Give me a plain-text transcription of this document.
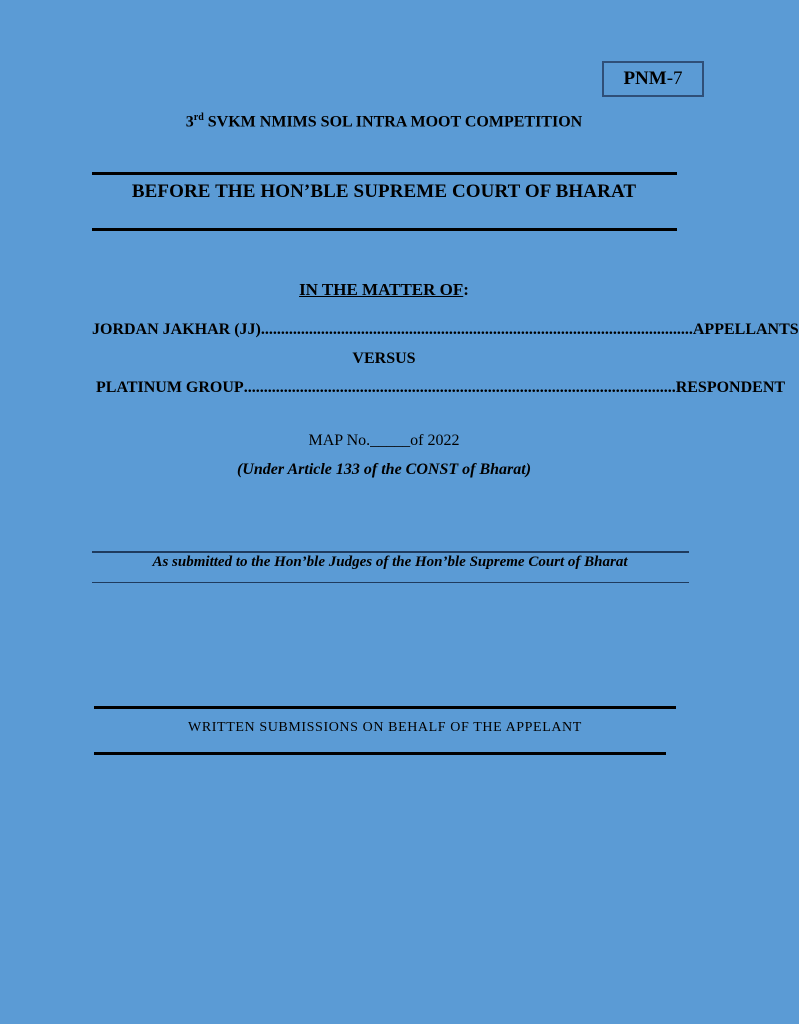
PNM -7
3rd SVKM NMIMS SOL INTRA MOOT COMPETITION
BEFORE THE HON’BLE SUPREME COURT OF BHARAT
IN THE MATTER OF:
JORDAN JAKHAR (JJ) ............................................................................................................ APPELLANTS
VERSUS
PLATINUM GROUP ............................................................................................................ RESPONDENT
MAP No._____of 2022
(Under Article 133 of the CONST of Bharat)
As submitted to the Hon’ble Judges of the Hon’ble Supreme Court of Bharat
WRITTEN SUBMISSIONS ON BEHALF OF THE APPELANT
